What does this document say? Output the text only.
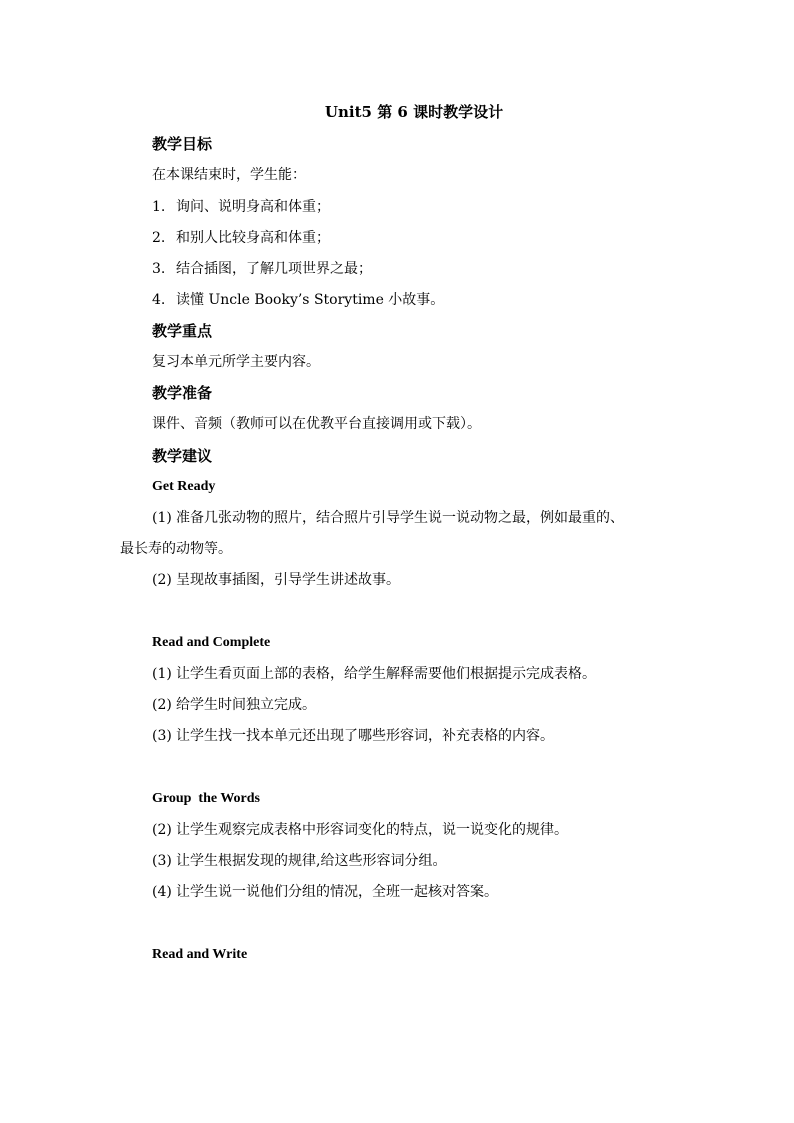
Unit5 第 6 课时教学设计
教学目标
在本课结束时，学生能：
1. 询问、说明身高和体重；
2. 和别人比较身高和体重；
3. 结合插图，了解几项世界之最；
4. 读懂 Uncle Booky’s Storytime 小故事。
教学重点
复习本单元所学主要内容。
教学准备
课件、音频（教师可以在优教平台直接调用或下载）。
教学建议
Get Ready
(1) 准备几张动物的照片，结合照片引导学生说一说动物之最，例如最重的、
最长寿的动物等。
(2) 呈现故事插图，引导学生讲述故事。
Read and Complete
(1) 让学生看页面上部的表格，给学生解释需要他们根据提示完成表格。
(2) 给学生时间独立完成。
(3) 让学生找一找本单元还出现了哪些形容词，补充表格的内容。
Group  the Words
(2) 让学生观察完成表格中形容词变化的特点，说一说变化的规律。
(3) 让学生根据发现的规律,给这些形容词分组。
(4) 让学生说一说他们分组的情况，全班一起核对答案。
Read and Write
